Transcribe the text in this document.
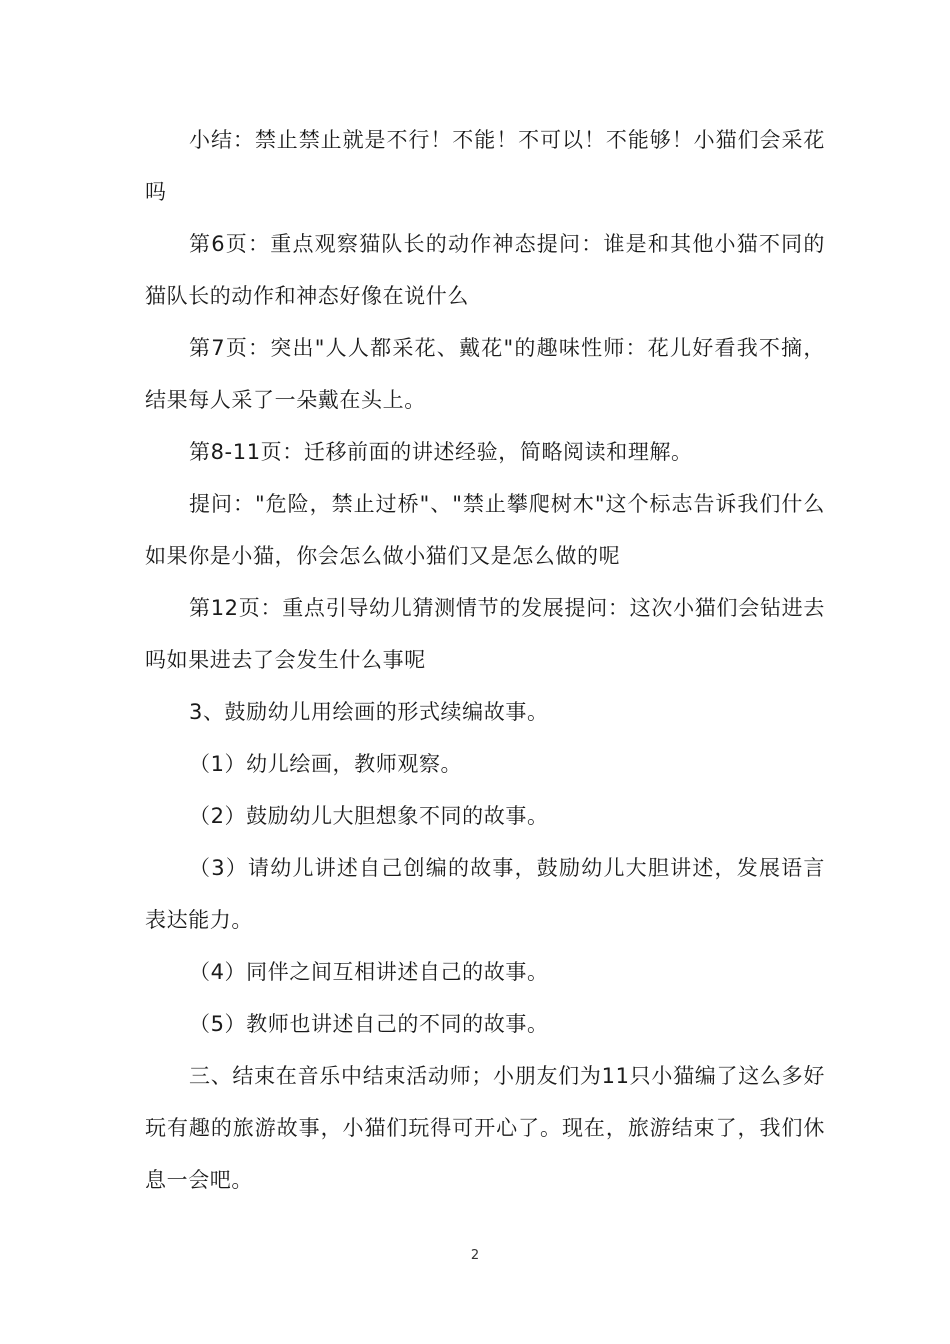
小结：禁止禁止就是不行！不能！不可以！不能够！小猫们会采花吗

第6页：重点观察猫队长的动作神态提问：谁是和其他小猫不同的猫队长的动作和神态好像在说什么

第7页：突出"人人都采花、戴花"的趣味性师：花儿好看我不摘，结果每人采了一朵戴在头上。

第8-11页：迁移前面的讲述经验，简略阅读和理解。

提问："危险，禁止过桥"、"禁止攀爬树木"这个标志告诉我们什么如果你是小猫，你会怎么做小猫们又是怎么做的呢

第12页：重点引导幼儿猜测情节的发展提问：这次小猫们会钻进去吗如果进去了会发生什么事呢

3、鼓励幼儿用绘画的形式续编故事。

（1）幼儿绘画，教师观察。

（2）鼓励幼儿大胆想象不同的故事。

（3）请幼儿讲述自己创编的故事，鼓励幼儿大胆讲述，发展语言表达能力。

（4）同伴之间互相讲述自己的故事。

（5）教师也讲述自己的不同的故事。

三、结束在音乐中结束活动师；小朋友们为11只小猫编了这么多好玩有趣的旅游故事，小猫们玩得可开心了。现在，旅游结束了，我们休息一会吧。

2
